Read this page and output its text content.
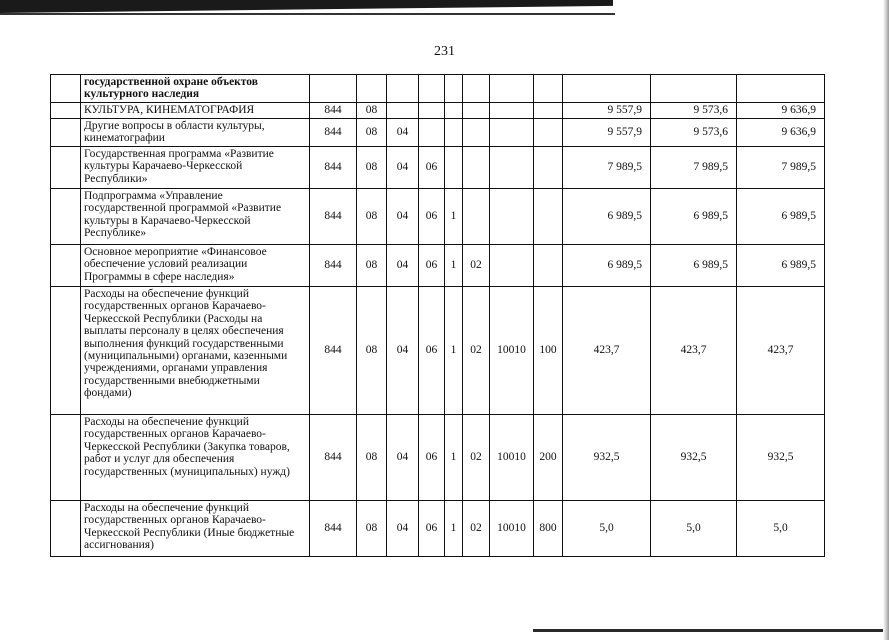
231
	государственной охране объектов культурного наследия											
	КУЛЬТУРА, КИНЕМАТОГРАФИЯ	844	08							9 557,9	9 573,6	9 636,9
	Другие вопросы в области культуры, кинематографии	844	08	04						9 557,9	9 573,6	9 636,9
	Государственная программа «Развитие культуры Карачаево-Черкесской Республики»	844	08	04	06					7 989,5	7 989,5	7 989,5
	Подпрограмма «Управление государственной программой «Развитие культуры в Карачаево-Черкесской Республике»	844	08	04	06	1				6 989,5	6 989,5	6 989,5
	Основное мероприятие «Финансовое обеспечение условий реализации Программы в сфере наследия»	844	08	04	06	1	02			6 989,5	6 989,5	6 989,5
	Расходы на обеспечение функций государственных органов Карачаево-Черкесской Республики (Расходы на выплаты персоналу в целях обеспечения выполнения функций государственными (муниципальными) органами, казенными учреждениями, органами управления государственными внебюджетными фондами)	844	08	04	06	1	02	10010	100	423,7	423,7	423,7
	Расходы на обеспечение функций государственных органов Карачаево-Черкесской Республики (Закупка товаров, работ и услуг для обеспечения государственных (муниципальных) нужд)	844	08	04	06	1	02	10010	200	932,5	932,5	932,5
	Расходы на обеспечение функций государственных органов Карачаево-Черкесской Республики (Иные бюджетные ассигнования)	844	08	04	06	1	02	10010	800	5,0	5,0	5,0
